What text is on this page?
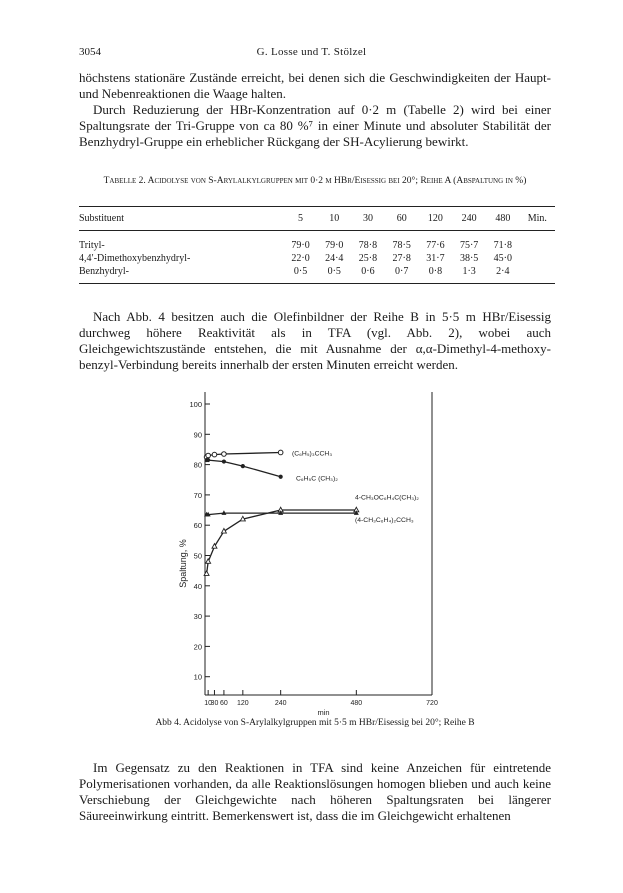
3054	G. Losse und T. Stölzel

höchstens stationäre Zustände erreicht, bei denen sich die Geschwindigkeiten der Haupt- und Nebenreaktionen die Waage halten.

Durch Reduzierung der HBr-Konzentration auf 0·2 m (Tabelle 2) wird bei einer Spaltungsrate der Tri-Gruppe von ca 80 %⁷ in einer Minute und absoluter Stabilität der Benzhydryl-Gruppe ein erheblicher Rückgang der SH-Acylierung bewirkt.

Tabelle 2. Acidolyse von S-Arylalkylgruppen mit 0·2 m HBr/Eisessig bei 20°; Reihe A (Abspaltung in %)
Substituent	5	10	30	60	120	240	480	Min.
Trityl-	79·0	79·0	78·8	78·5	77·6	75·7	71·8	
4,4′-Dimethoxybenzhydryl-	22·0	24·4	25·8	27·8	31·7	38·5	45·0	
Benzhydryl-	0·5	0·5	0·6	0·7	0·8	1·3	2·4	

Nach Abb. 4 besitzen auch die Olefinbildner der Reihe B in 5·5 m HBr/Eisessig durchweg höhere Reaktivität als in TFA (vgl. Abb. 2), wobei auch Gleichgewichtszustände entstehen, die mit Ausnahme der α,α-Dimethyl-4-methoxy-benzyl-Verbindung bereits innerhalb der ersten Minuten erreicht werden.

10
20
30
40
50
60
70
80
90
100
10
30 60 120	240	480	720
min
Spaltung, %
(C₆H₅)₃CCH₃
C₆H₅C (CH₃)₂
4-CH₃OC₆H₄C(CH₃)₂
(4-CH₃C₆H₄)₂CCH₃
Abb 4. Acidolyse von S-Arylalkylgruppen mit 5·5 m HBr/Eisessig bei 20°; Reihe B

Im Gegensatz zu den Reaktionen in TFA sind keine Anzeichen für eintretende Polymerisationen vorhanden, da alle Reaktionslösungen homogen blieben und auch keine Verschiebung der Gleichgewichte nach höheren Spaltungsraten bei längerer Säureeinwirkung eintritt. Bemerkenswert ist, dass die im Gleichgewicht erhaltenen
